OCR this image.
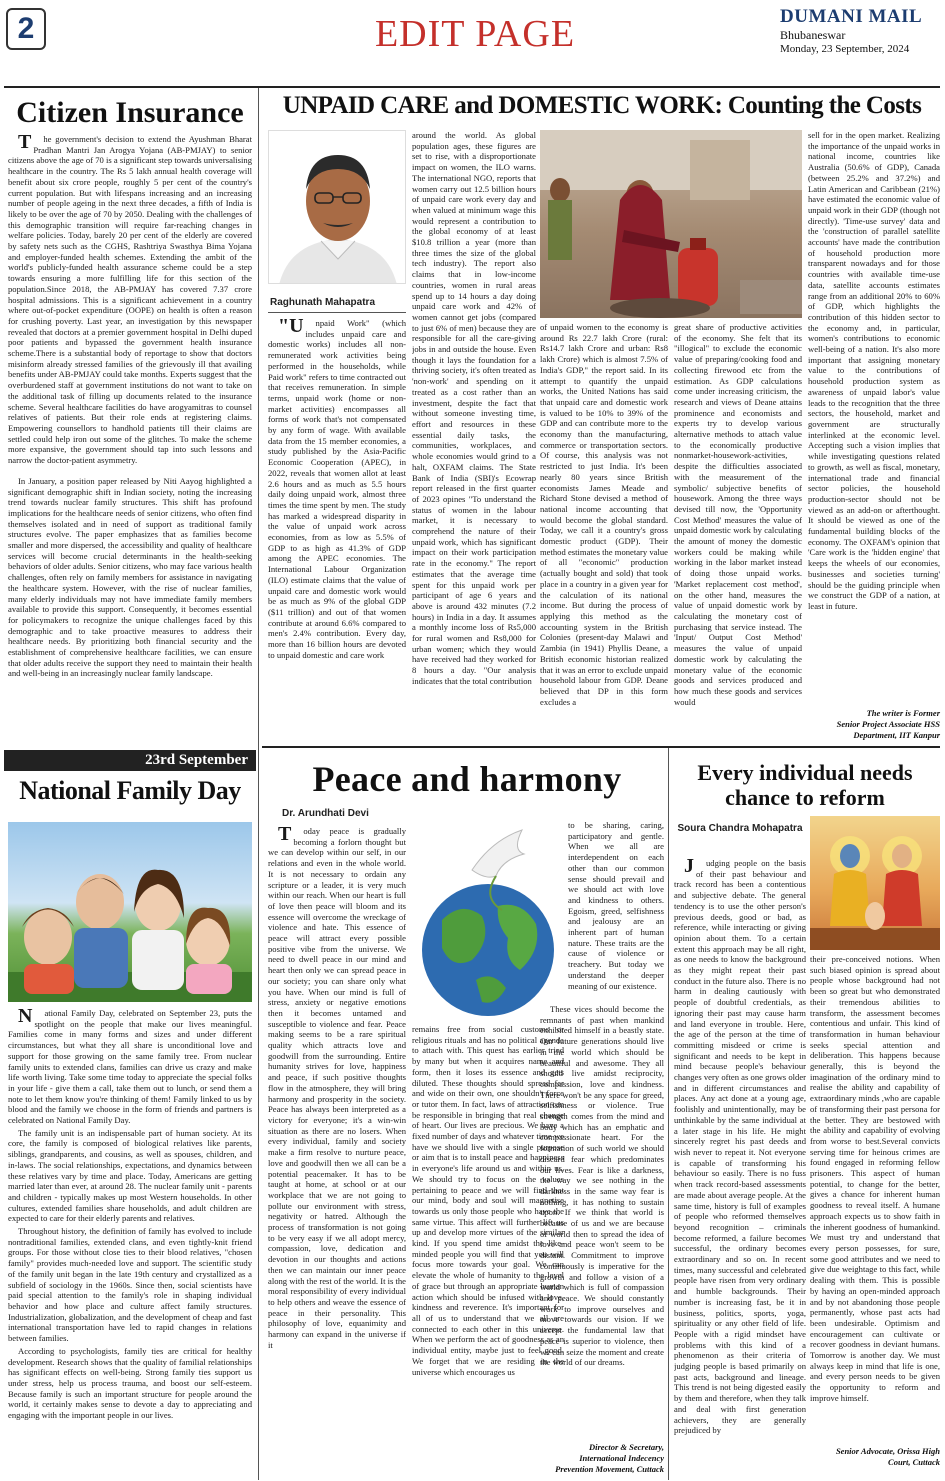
2	EDIT PAGE	DUMANI MAIL
Bhubaneswar
Monday, 23 September, 2024
Citizen Insurance

The government's decision to extend the Ayushman Bharat Pradhan Mantri Jan Arogya Yojana (AB-PMJAY) to senior citizens above the age of 70 is a significant step towards universalising healthcare in the country. The Rs 5 lakh annual health coverage will benefit about six crore people, roughly 5 per cent of the country's current population. But with lifespans increasing and an increasing number of people ageing in the next three decades, a fifth of India is likely to be over the age of 70 by 2050. Dealing with the challenges of this demographic transition will require far-reaching changes in welfare policies. Today, barely 20 per cent of the elderly are covered by safety nets such as the CGHS, Rashtriya Swasthya Bima Yojana and employer-funded health schemes. Extending the ambit of the world's publicly-funded health assurance scheme could be a step towards ensuring a more fulfilling life for this section of the population.Since 2018, the AB-PMJAY has covered 7.37 crore hospital admissions. This is a significant achievement in a country where out-of-pocket expenditure (OOPE) on health is often a reason for crushing poverty. Last year, an investigation by this newspaper revealed that doctors at a premier government hospital in Delhi duped poor patients and bypassed the government health insurance scheme.There is a substantial body of reportage to show that doctors misinform already stressed families of the grievously ill that availing benefits under AB-PMJAY could take months. Experts suggest that the overburdened staff at government institutions do not want to take on the additional task of filling up documents related to the insurance scheme. Several healthcare facilities do have arogyamitras to counsel relatives of patients. But their role ends at registering claims. Empowering counsellors to handhold patients till their claims are settled could help iron out some of the glitches. To make the scheme more expansive, the government should tap into such lessons and narrow the doctor-patient asymmetry.

In January, a position paper released by Niti Aayog highlighted a significant demographic shift in Indian society, noting the increasing trend towards nuclear family structures. This shift has profound implications for the healthcare needs of senior citizens, who often find themselves isolated and in need of support as traditional family structures evolve. The paper emphasizes that as families become smaller and more dispersed, the accessibility and quality of healthcare services will become crucial determinants in the health-seeking behaviors of older adults. Senior citizens, who may face various health challenges, often rely on family members for assistance in navigating the healthcare system. However, with the rise of nuclear families, many elderly individuals may not have immediate family members available to provide this support. Consequently, it becomes essential for policymakers to recognize the unique challenges faced by this demographic and to take proactive measures to address their healthcare needs. By prioritizing both financial security and the establishment of comprehensive healthcare facilities, we can ensure that older adults receive the support they need to maintain their health and well-being in an increasingly nuclear family landscape.

23rd September
National Family Day

National Family Day, celebrated on September 23, puts the spotlight on the people that make our lives meaningful. Families come in many forms and sizes and under different circumstances, but what they all share is unconditional love and support for those growing on the same family tree. From nuclear family units to extended clans, families can drive us crazy and make life worth living. Take some time today to appreciate the special folks in your life - give them a call, take them out to lunch, or send them a note to let them know you're thinking of them! Family linked to us by blood and the family we choose in the form of friends and partners is celebrated on National Family Day.

The family unit is an indispensable part of human society. At its core, the family is composed of biological relatives like parents, siblings, grandparents, and cousins, as well as spouses, children, and in-laws. The social relationships, expectations, and dynamics between these relatives vary by time and place. Today, Americans are getting married later than ever, at around 28. The nuclear family unit - parents and children - typically makes up most Western households. In other cultures, extended families share households, and adult children are expected to care for their elderly parents and relatives.

Throughout history, the definition of family has evolved to include nontraditional families, extended clans, and even tightly-knit friend groups. For those without close ties to their blood relatives, "chosen family" provides much-needed love and support. The scientific study of the family unit began in the late 19th century and crystallized as a subfield of sociology in the 1960s. Since then, social scientists have paid special attention to the family's role in shaping individual behavior and how place and culture affect family structures. Industrialization, globalization, and the development of cheap and fast international transportation have led to rapid changes in relations between families.

According to psychologists, family ties are critical for healthy development. Research shows that the quality of familial relationships has significant effects on well-being. Strong family ties support us under stress, help us process trauma, and boost our self-esteem. Because family is such an important structure for people around the world, it certainly makes sense to devote a day to appreciating and engaging with the important people in our lives.

UNPAID CARE and DOMESTIC WORK: Counting the Costs
Raghunath Mahapatra

"Unpaid Work" (which includes unpaid care and domestic works) includes all non-remunerated work activities being performed in the households, while Paid work" refers to time contracted out that receives remuneration. In simple terms, unpaid work (home or non-market activities) encompasses all forms of work that's not compensated by any form of wage. With available data from the 15 member economies, a study published by the Asia-Pacific Economic Cooperation (APEC), in 2022, reveals that women allot at least 2.6 hours and as much as 5.5 hours daily doing unpaid work, almost three times the time spent by men. The study has marked a widespread disparity in the value of unpaid work across economies, from as low as 5.5% of GDP to as high as 41.3% of GDP among the APEC economies. The International Labour Organization (ILO) estimate claims that the value of unpaid care and domestic work would be as much as 9% of the global GDP ($11 trillion) and out of that women contribute at around 6.6% compared to men's 2.4% contribution. Every day, more than 16 billion hours are devoted to unpaid domestic and care work

around the world. As global population ages, these figures are set to rise, with a disproportionate impact on women, the ILO warns. The international NGO, reports that women carry out 12.5 billion hours of unpaid care work every day and when valued at minimum wage this would represent a contribution to the global economy of at least $10.8 trillion a year (more than three times the size of the global tech industry). The report also claims that in low-income countries, women in rural areas spend up to 14 hours a day doing unpaid care work and 42% of women cannot get jobs (compared to just 6% of men) because they are responsible for all the care-giving jobs in and outside the house. Even though it lays the foundation for a thriving society, it's often treated as 'non-work' and spending on it treated as a cost rather than an investment, despite the fact that without someone investing time, effort and resources in these essential daily tasks, the communities, workplaces, and whole economies would grind to a halt, OXFAM claims. The State Bank of India (SBI)'s Ecowrap report released in the first quarter of 2023 opines "To understand the status of women in the labour market, it is necessary to comprehend the nature of their unpaid work, which has significant impact on their work participation rate in the economy." The report estimates that the average time spent for this unpaid work per participant of age 6 years and above is around 432 minutes (7.2 hours) in India in a day. It assumes a monthly income loss of Rs5,000 for rural women and Rs8,000 for urban women; which they would have received had they worked for 8 hours a day. "Our analysis indicates that the total contribution

of unpaid women to the economy is around Rs 22.7 lakh Crore (rural: Rs14.7 lakh Crore and urban: Rs8 lakh Crore) which is almost 7.5% of India's GDP," the report said. In its attempt to quantify the unpaid works, the United Nations has said that unpaid care and domestic work is valued to be 10% to 39% of the GDP and can contribute more to the economy than the manufacturing, commerce or transportation sectors. Of course, this analysis was not restricted to just India. It's been nearly 80 years since British economists James Meade and Richard Stone devised a method of national income accounting that would become the global standard. Today, we call it a country's gross domestic product (GDP). Their method estimates the monetary value of all "economic" production (actually bought and sold) that took place in a country in a given year for the calculation of its national income. But during the process of applying this method as the accounting system in the British Colonies (present-day Malawi and Zambia (in 1941) Phyllis Deane, a British economic historian realized that it was an error to exclude unpaid household labour from GDP. Deane believed that DP in this form excludes a

great share of productive activities of the economy. She felt that its "illogical" to exclude the economic value of preparing/cooking food and collecting firewood etc from the estimation. As GDP calculations come under increasing criticism, the research and views of Deane attains prominence and economists and experts try to develop various alternative methods to attach value to the economically productive nonmarket-housework-activities, despite the difficulties associated with the measurement of the symbolic/ subjective benefits of housework. Among the three ways devised till now, the 'Opportunity Cost Method' measures the value of unpaid domestic work by calculating the amount of money the domestic workers could be making while working in the labor market instead of doing those unpaid works. 'Market replacement cost method', on the other hand, measures the value of unpaid domestic work by calculating the monetary cost of purchasing that service instead. The 'Input/ Output Cost Method' measures the value of unpaid domestic work by calculating the monetary value of the economic goods and services produced and how much these goods and services would

sell for in the open market. Realizing the importance of the unpaid works in national income, countries like Australia (50.6% of GDP), Canada (between 25.2% and 37.2%) and Latin American and Caribbean (21%) have estimated the economic value of unpaid work in their GDP (though not directly). 'Time-use survey' data and the 'construction of parallel satellite accounts' have made the contribution of household production more transparent nowadays and for those countries with available time-use data, satellite accounts estimates range from an additional 20% to 60% of GDP, which highlights the contribution of this hidden sector to the economy and, in particular, women's contributions to economic well-being of a nation. It's also more important that assigning monetary value to the contributions of household production system as awareness of unpaid labor's value leads to the recognition that the three sectors, the household, market and government are structurally interlinked at the economic level. Accepting such a vision implies that while investigating questions related to growth, as well as fiscal, monetary, international trade and financial sector policies, the household production-sector should not be viewed as an add-on or afterthought. It should be viewed as one of the fundamental building blocks of the economy. The OXFAM's opinion that 'Care work is the 'hidden engine' that keeps the wheels of our economies, businesses and societies turning' should be the guiding principle when we construct the GDP of a nation, at least in future.

The writer is Former
Senior Project Associate HSS
Department, IIT Kanpur
Peace and harmony
Dr. Arundhati Devi

Today peace is gradually becoming a forlorn thought but we can develop within our self, in our relations and even in the whole world. It is not necessary to ordain any scripture or a leader, it is very much within our reach. When our heart is full of love then peace will bloom and its essence will overcome the wreckage of violence and hate. This essence of peace will attract every possible positive vibe from the universe. We need to dwell peace in our mind and heart then only we can spread peace in our society; you can share only what you have. When our mind is full of stress, anxiety or negative emotions then it becomes untamed and susceptible to violence and fear. Peace making seems to be a rare spiritual quality which attracts love and goodwill from the surrounding. Entire humanity strives for love, happiness and peace, if such positive thoughts flow in the atmosphere, they will bring harmony and prosperity in the society. Peace has always been interpreted as a victory for everyone; it's a win-win situation as there are no losers. When every individual, family and society make a firm resolve to nurture peace, love and goodwill then we all can be a potential peacemaker. It has to be taught at home, at school or at our workplace that we are not going to pollute our environment with stress, negativity or hatred. Although the process of transformation is not going to be very easy if we all adopt mercy, compassion, love, dedication and devotion in our thoughts and actions then we can maintain our inner peace along with the rest of the world. It is the moral responsibility of every individual to help others and weave the essence of peace in their personality. This philosophy of love, equanimity and harmony can expand in the universe if it

remains free from social customs or religious rituals and has no political agenda to attach with. This quest has earlier tried by many but when it acquires name and form, then it loses its essence and gets diluted. These thoughts should spread far and wide on their own, one shouldn't force or tutor them. In fact, laws of attraction can be responsible in bringing that real change of heart. Our lives are precious. We have a fixed number of days and whatever time we have we should live with a single purpose or aim that is to install peace and happiness in everyone's life around us and within us. We should try to focus on the values pertaining to peace and we will find that our mind, body and soul will magnetise towards us only those people who have the same virtue. This affect will further lift us up and develop more virtues of the similar kind. If you spend time amidst the like-minded people you will find that you will focus more towards your goal. We can elevate the whole of humanity to the level of grace but through an appropriate human action which should be infused with love, kindness and reverence. It's important for all of us to understand that we all are connected to each other in this universe. When we perform the act of goodness as an individual entity, maybe just to feel good. We forget that we are residing in the universe which encourages us

to be sharing, caring, participatory and gentle. When we all are interdependent on each other than our common sense should prevail and we should act with love and kindness to others. Egoism, greed, selfishness and jealousy are an inherent part of human nature. These traits are the cause of violence or treachery. But today we understand the deeper meaning of our existence.

These vices should become the remnants of past when mankind exhibited himself in a beastly state. Our future generations should live in the world which should be beautiful and awesome. They all should live amidst reciprocity, compassion, love and kindness. There won't be any space for greed, selfishness or violence. True strength comes from the mind and body which has an emphatic and compassionate heart. For the formation of such world we should discard fear which predominates our lives. Fear is like a darkness, the way we see nothing in the darkness in the same way fear is nothing, it has nothing to sustain upon. If we think that world is because of us and we are because of world then to spread the idea of love and peace won't seem to be distant. Commitment to improve continuously is imperative for the growth and follow a vision of a world which is full of compassion and peace. We should constantly work to improve ourselves and move towards our vision. If we accept the fundamental law that peace is superior to violence, then we can seize the moment and create the world of our dreams.

Director & Secretary,
International Indecency
Prevention Movement, Cuttack
Every individual needs chance to reform
Soura Chandra Mohapatra

Judging people on the basis of their past behaviour and track record has been a contentious and subjective debate. The general tendency is to use the other person's previous deeds, good or bad, as reference, while interacting or giving opinion about them. To a certain extent this approach may be all right, as one needs to know the background as they might repeat their past conduct in the future also. There is no harm in dealing cautiously with people of doubtful credentials, as ignoring their past may cause harm and land everyone in trouble. Here, the age of the person at the time of committing misdeed or crime is significant and needs to be kept in mind because people's behaviour changes very often as one grows older and in different circumstances and places. Any act done at a young age, foolishly and unintentionally, may be unthinkable by the same individual at a later stage in his life. He might sincerely regret his past deeds and wish never to repeat it. Not everyone is capable of transforming his behaviour so easily. There is no fuss when track record-based assessments are made about average people. At the same time, history is full of examples of people who reformed themselves beyond recognition – criminals become reformed, a failure becomes successful, the ordinary becomes extraordinary and so on. In recent times, many successful and celebrated people have risen from very ordinary and humble backgrounds. Their number is increasing fast, be it in business, politics, sports, yoga, spirituality or any other field of life. People with a rigid mindset have problems with this kind of a phenomenon as their criteria of judging people is based primarily on past acts, background and lineage. This trend is not being digested easily by them and therefore, when they talk and deal with first generation achievers, they are generally prejudiced by

their pre-conceived notions. When such biased opinion is spread about people whose background had not been so great but who demonstrated their tremendous abilities to transform, the assessment becomes contentious and unfair. This kind of transformation in human behaviour seeks special attention and deliberation. This happens because generally, this is beyond the imagination of the ordinary mind to realise the ability and capability of extraordinary minds ,who are capable of transforming their past persona for the better. They are bestowed with the ability and capability of evolving from worse to best.Several convicts serving time for heinous crimes are found engaged in reforming fellow prisoners. This aspect of human potential, to change for the better, gives a chance for inherent human goodness to reveal itself. A humane approach expects us to show faith in the inherent goodness of humankind. We must try and understand that every person possesses, for sure, some good attributes and we need to give due weightage to this fact, while dealing with them. This is possible by having an open-minded approach and by not abandoning those people permanently, whose past acts had been undesirable. Optimism and encouragement can cultivate or recover goodness in deviant humans. Tomorrow is another day. We must always keep in mind that life is one, and every person needs to be given the opportunity to reform and improve himself.

Senior Advocate, Orissa High
Court, Cuttack
